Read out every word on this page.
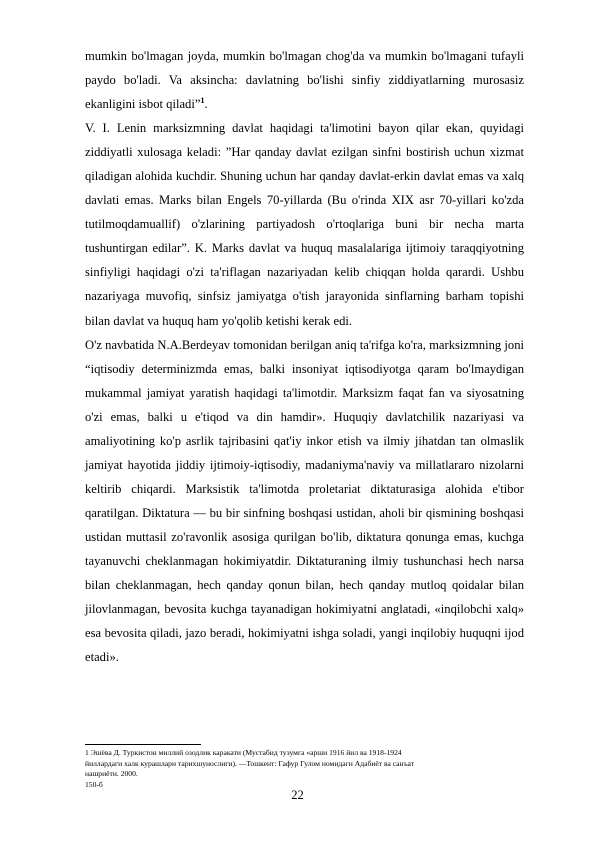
mumkin bo'lmagan joyda, mumkin bo'lmagan chog'da va mumkin bo'lmagani tufayli paydo bo'ladi. Va aksincha: davlatning bo'lishi sinfiy ziddiyatlarning murosasiz ekanligini isbot qiladi”$^1$.

V. I. Lenin marksizmning davlat haqidagi ta'limotini bayon qilar ekan, quyidagi ziddiyatli xulosaga keladi: ”Har qanday davlat ezilgan sinfni bostirish uchun xizmat qiladigan alohida kuchdir. Shuning uchun har qanday davlat-erkin davlat emas va xalq davlati emas. Marks bilan Engels 70-yillarda (Bu o'rinda XIX asr 70-yillari ko'zda tutilmoqdamuallif) o'zlarining partiyadosh o'rtoqlariga buni bir necha marta tushuntirgan edilar”. K. Marks davlat va huquq masalalariga ijtimoiy taraqqiyotning sinfiyligi haqidagi o'zi ta'riflagan nazariyadan kelib chiqqan holda qarardi. Ushbu nazariyaga muvofiq, sinfsiz jamiyatga o'tish jarayonida sinflarning barham topishi bilan davlat va huquq ham yo'qolib ketishi kerak edi.

O'z navbatida N.A.Berdeyav tomonidan berilgan aniq ta'rifga ko'ra, marksizmning joni “iqtisodiy determinizmda emas, balki insoniyat iqtisodiyotga qaram bo'lmaydigan mukammal jamiyat yaratish haqidagi ta'limotdir. Marksizm faqat fan va siyosatning o'zi emas, balki u e'tiqod va din hamdir». Huquqiy davlatchilik nazariyasi va amaliyotining ko'p asrlik tajribasini qat'iy inkor etish va ilmiy jihatdan tan olmaslik jamiyat hayotida jiddiy ijtimoiy-iqtisodiy, madaniyma'naviy va millatlararo nizolarni keltirib chiqardi. Marksistik ta'limotda proletariat diktaturasiga alohida e'tibor qaratilgan. Diktatura — bu bir sinfning boshqasi ustidan, aholi bir qismining boshqasi ustidan muttasil zo'ravonlik asosiga qurilgan bo'lib, diktatura qonunga emas, kuchga tayanuvchi cheklanmagan hokimiyatdir. Diktaturaning ilmiy tushunchasi hech narsa bilan cheklanmagan, hech qanday qonun bilan, hech qanday mutloq qoidalar bilan jilovlanmagan, bevosita kuchga tayanadigan hokimiyatni anglatadi, «inqilobchi xalq» esa bevosita qiladi, jazo beradi, hokimiyatni ishga soladi, yangi inqilobiy huquqni ijod etadi».

1 Эшёва Д. Туркистон миллий озодлик каракати (Мустабид тузумга «арши 1916 йил ва 1918-1924
йиллардаги халк курашлари тарихшунослиги). —Тошкент: Гафур Гулом номидаги Адабиёт ва санъат
нашриёти. 2000.
150-б
22
